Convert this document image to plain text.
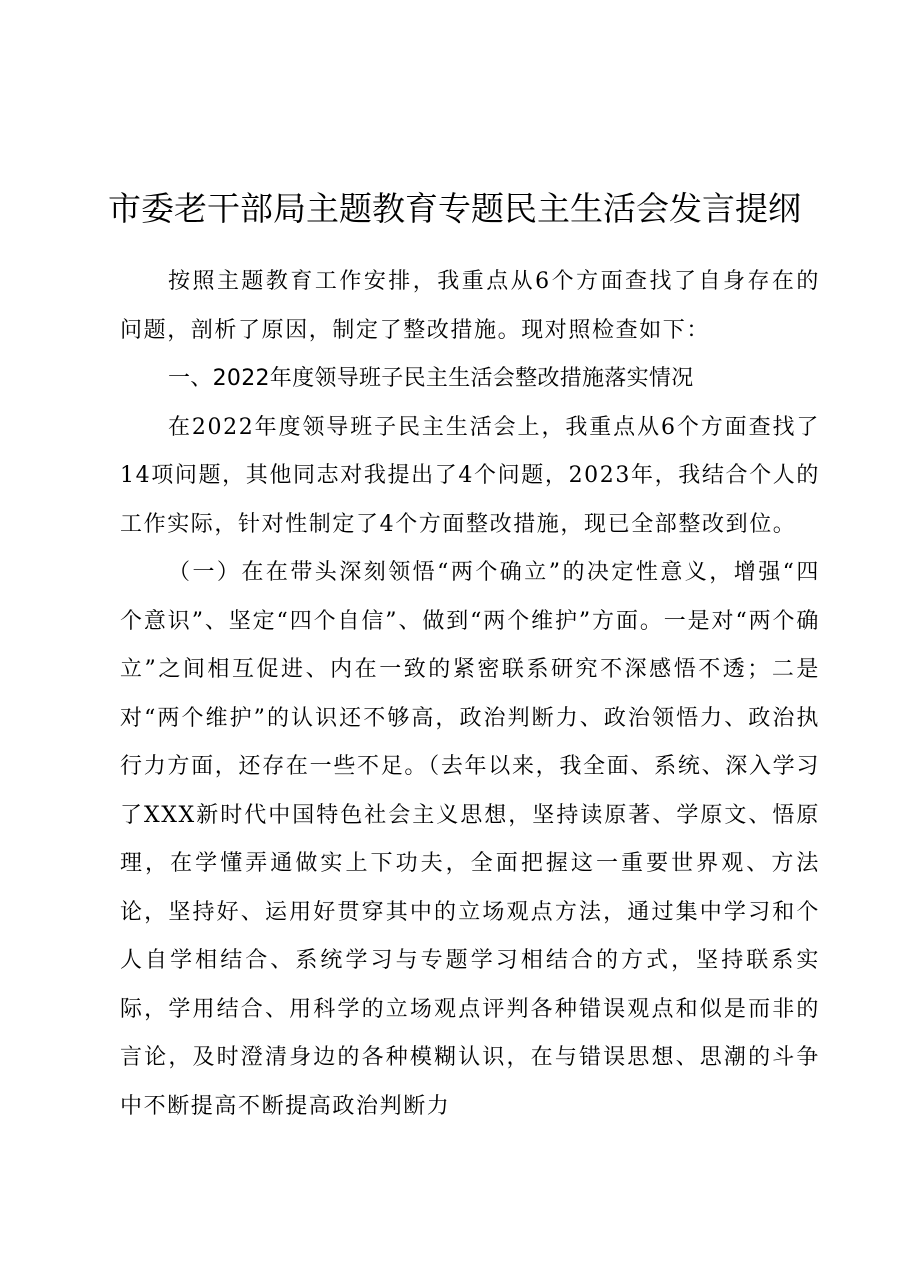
市委老干部局主题教育专题民主生活会发言提纲

按照主题教育工作安排，我重点从6个方面查找了自身存在的问题，剖析了原因，制定了整改措施。现对照检查如下：

一、2022年度领导班子民主生活会整改措施落实情况

在2022年度领导班子民主生活会上，我重点从6个方面查找了14项问题，其他同志对我提出了4个问题，2023年，我结合个人的工作实际，针对性制定了4个方面整改措施，现已全部整改到位。

（一）在在带头深刻领悟“两个确立”的决定性意义，增强“四个意识”、坚定“四个自信”、做到“两个维护”方面。一是对“两个确立”之间相互促进、内在一致的紧密联系研究不深感悟不透；二是对“两个维护”的认识还不够高，政治判断力、政治领悟力、政治执行力方面，还存在一些不足。（去年以来，我全面、系统、深入学习了XXX新时代中国特色社会主义思想，坚持读原著、学原文、悟原理，在学懂弄通做实上下功夫，全面把握这一重要世界观、方法论，坚持好、运用好贯穿其中的立场观点方法，通过集中学习和个人自学相结合、系统学习与专题学习相结合的方式，坚持联系实际，学用结合、用科学的立场观点评判各种错误观点和似是而非的言论，及时澄清身边的各种模糊认识，在与错误思想、思潮的斗争中不断提高不断提高政治判断力
